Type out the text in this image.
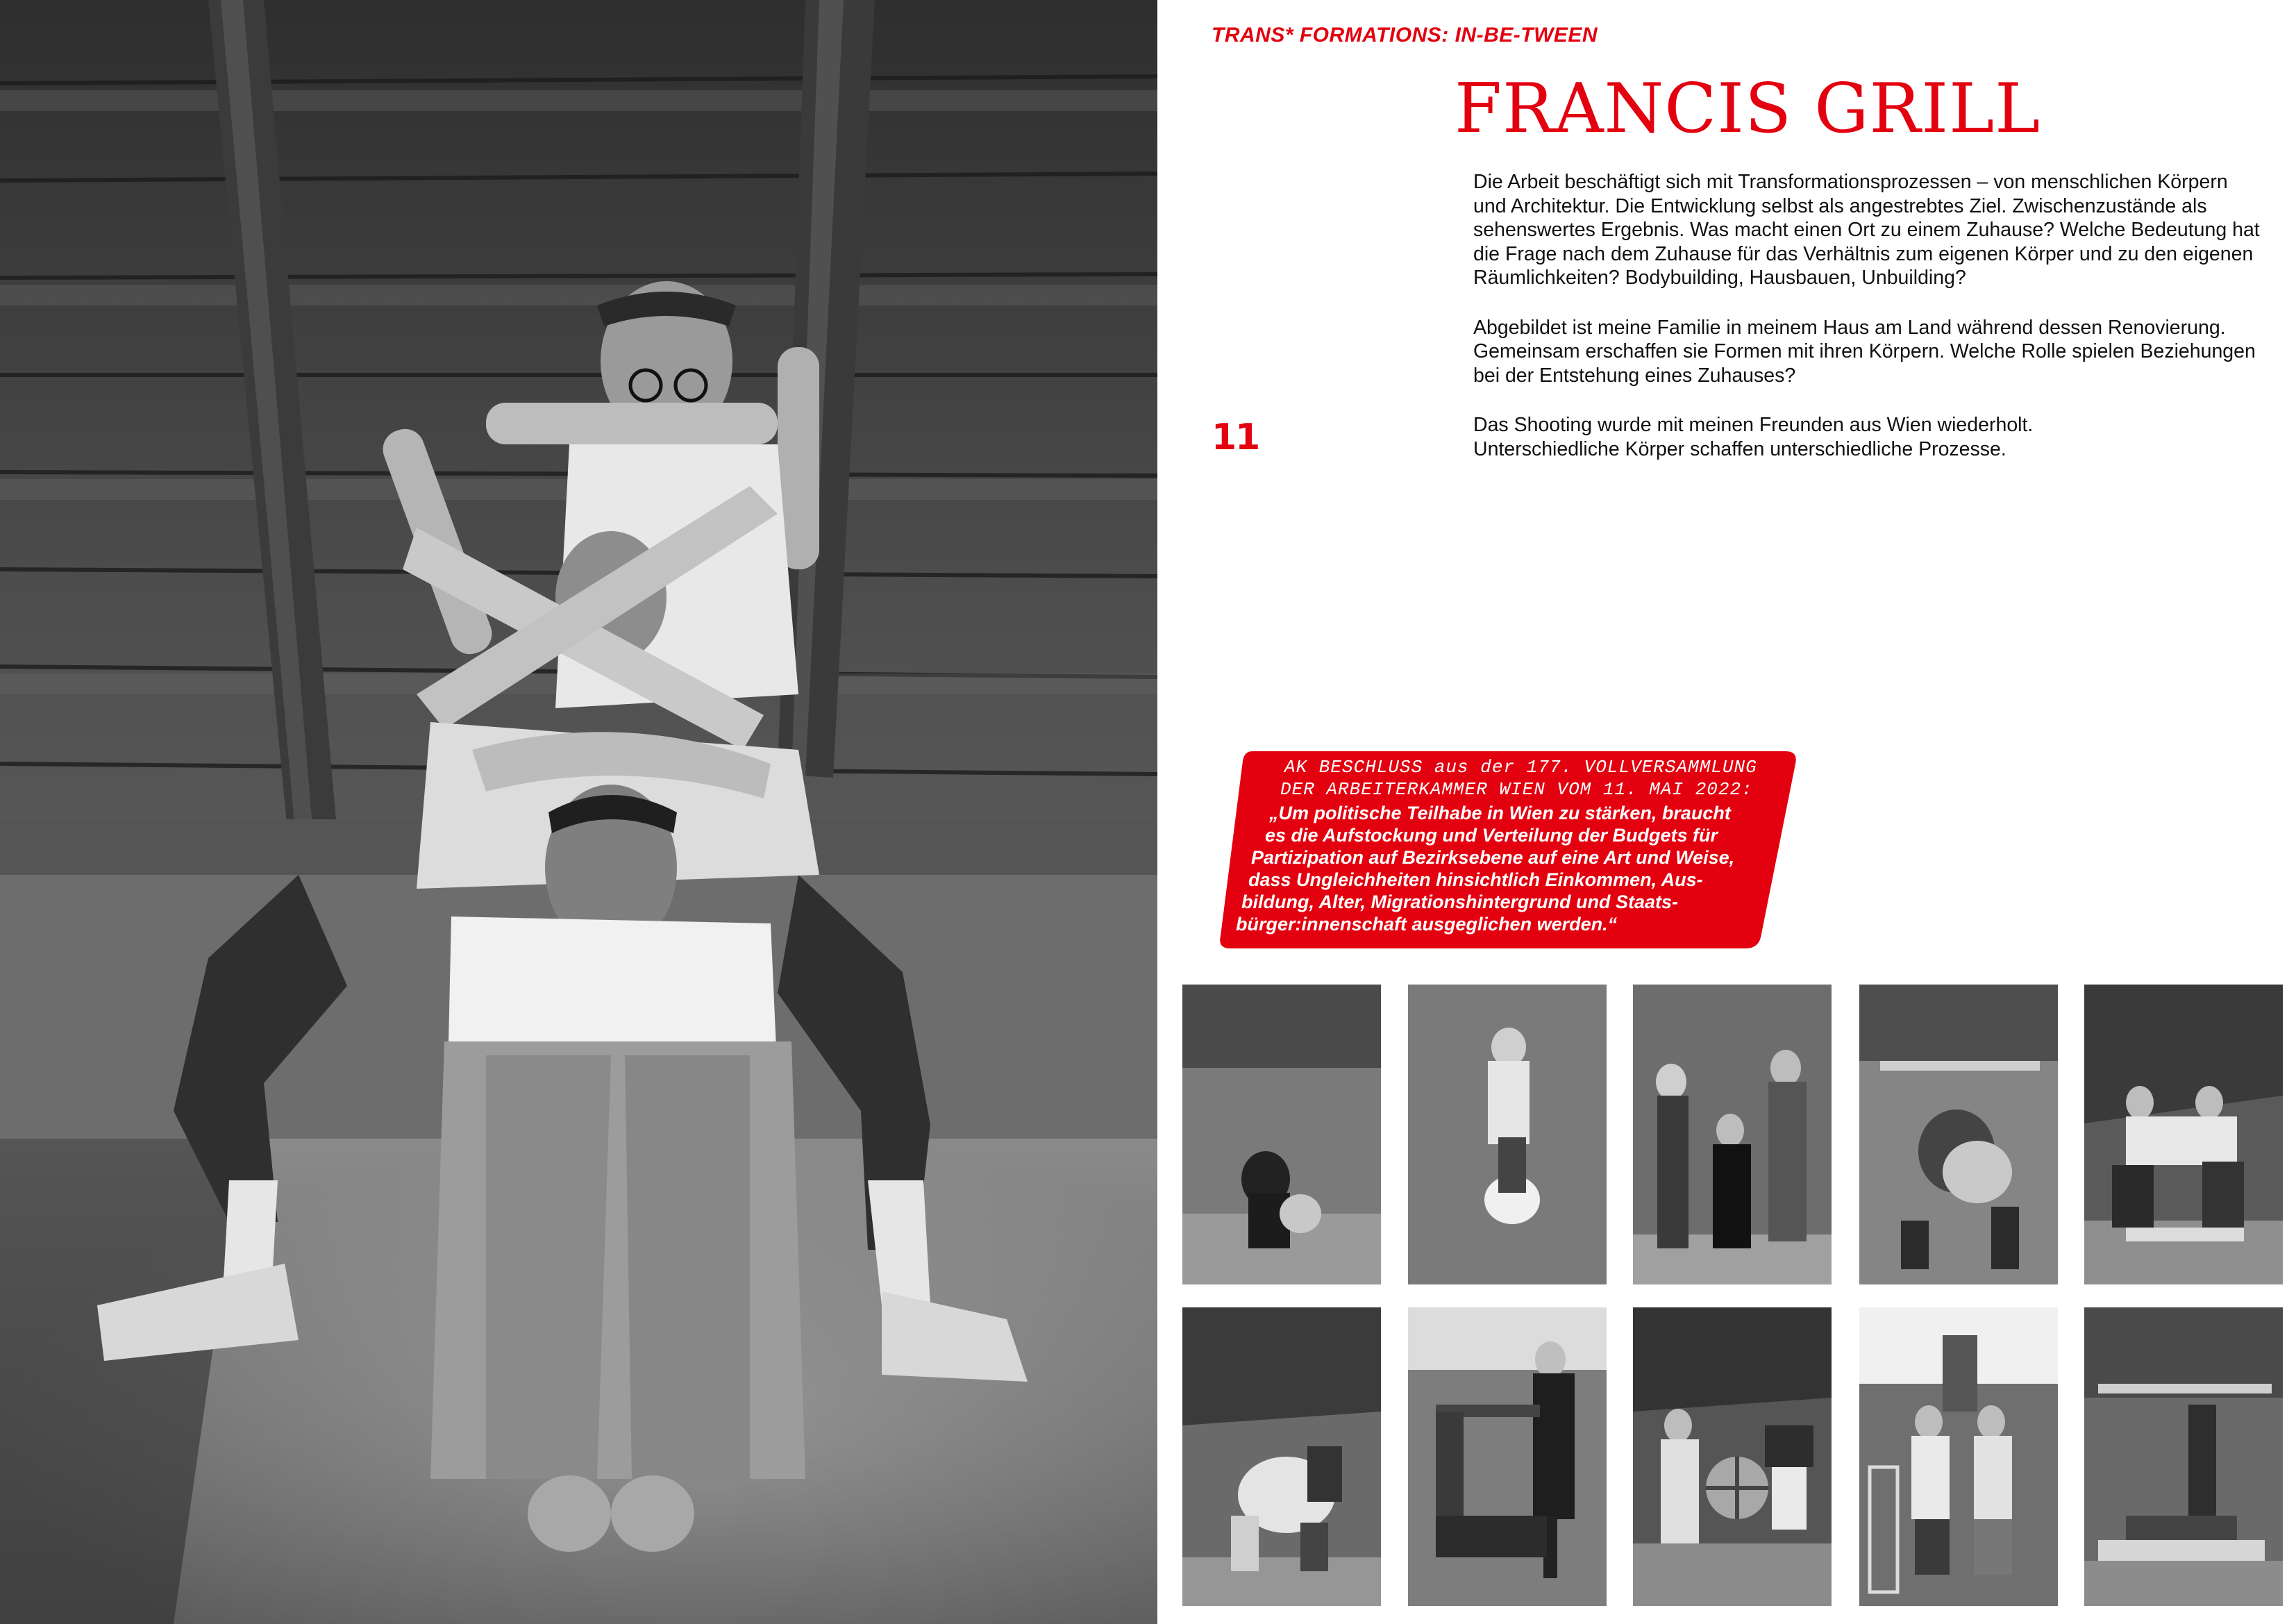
TRANS* FORMATIONS: IN-BE-TWEEN
FRANCIS GRILL
11

Die Arbeit beschäftigt sich mit Transformationsprozessen – von menschlichen Körpern
und Architektur. Die Entwicklung selbst als angestrebtes Ziel. Zwischenzustände als
sehenswertes Ergebnis. Was macht einen Ort zu einem Zuhause? Welche Bedeutung hat
die Frage nach dem Zuhause für das Verhältnis zum eigenen Körper und zu den eigenen
Räumlichkeiten? Bodybuilding, Hausbauen, Unbuilding?

Abgebildet ist meine Familie in meinem Haus am Land während dessen Renovierung.
Gemeinsam erschaffen sie Formen mit ihren Körpern. Welche Rolle spielen Beziehungen
bei der Entstehung eines Zuhauses?

Das Shooting wurde mit meinen Freunden aus Wien wiederholt.
Unterschiedliche Körper schaffen unterschiedliche Prozesse.

AK BESCHLUSS aus der 177. VOLLVERSAMMLUNG
DER ARBEITERKAMMER WIEN VOM 11. MAI 2022:
„Um politische Teilhabe in Wien zu stärken, braucht
es die Aufstockung und Verteilung der Budgets für
Partizipation auf Bezirksebene auf eine Art und Weise,
dass Ungleichheiten hinsichtlich Einkommen, Aus-
bildung, Alter, Migrationshintergrund und Staats-
bürger:innenschaft ausgeglichen werden.“
